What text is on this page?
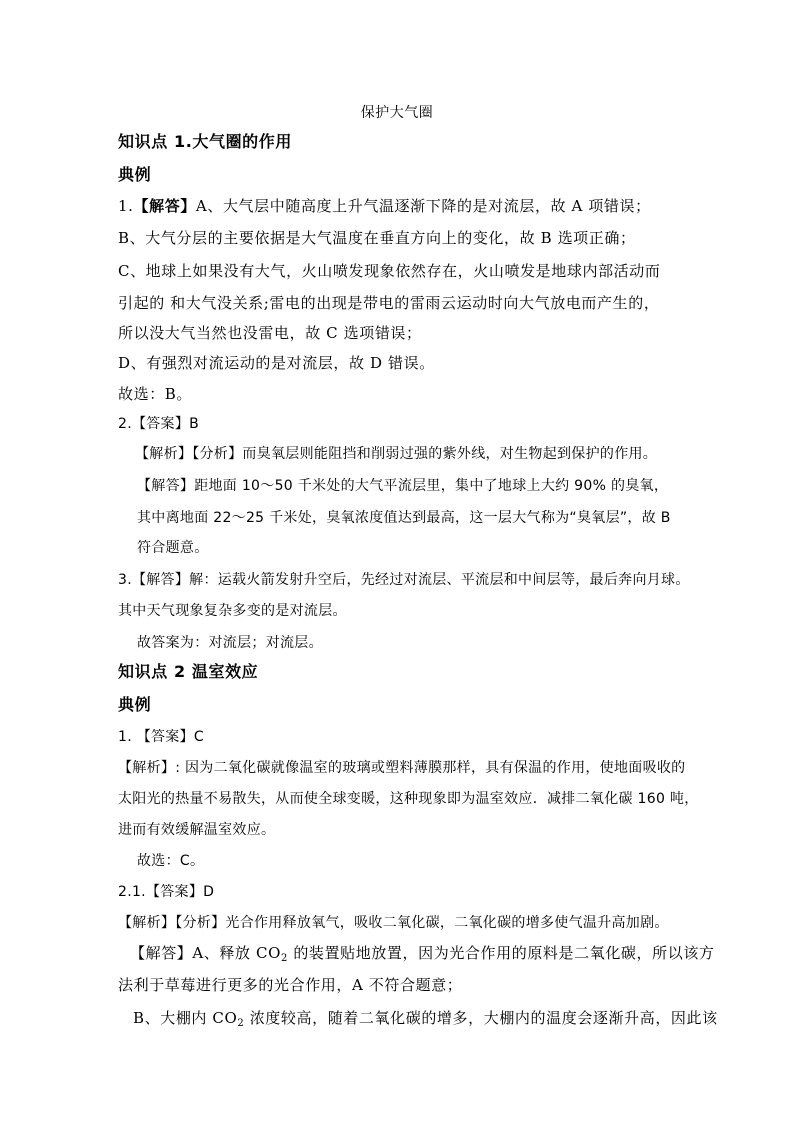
保护大气圈
知识点 1.大气圈的作用
典例
1.【解答】A、大气层中随高度上升气温逐渐下降的是对流层，故 A 项错误；
B、大气分层的主要依据是大气温度在垂直方向上的变化，故 B 选项正确；
C、地球上如果没有大气，火山喷发现象依然存在，火山喷发是地球内部活动而
引起的 和大气没关系;雷电的出现是带电的雷雨云运动时向大气放电而产生的，
所以没大气当然也没雷电，故 C 选项错误；
D、有强烈对流运动的是对流层，故 D 错误。
故选：B。
2.【答案】B
【解析】【分析】而臭氧层则能阻挡和削弱过强的紫外线，对生物起到保护的作用。
【解答】距地面 10～50 千米处的大气平流层里，集中了地球上大约 90% 的臭氧，
其中离地面 22～25 千米处，臭氧浓度值达到最高，这一层大气称为“臭氧层”，故 B
符合题意。
3.【解答】解：运载火箭发射升空后，先经过对流层、平流层和中间层等，最后奔向月球。
其中天气现象复杂多变的是对流层。
故答案为：对流层；对流层。
知识点 2 温室效应
典例
1. 【答案】C
【解析】: 因为二氧化碳就像温室的玻璃或塑料薄膜那样，具有保温的作用，使地面吸收的
太阳光的热量不易散失，从而使全球变暖，这种现象即为温室效应．减排二氧化碳 160 吨，
进而有效缓解温室效应。
故选：C。
2.1.【答案】D
【解析】【分析】光合作用释放氧气，吸收二氧化碳，二氧化碳的增多使气温升高加剧。
【解答】A、释放 $CO_2$ 的装置贴地放置，因为光合作用的原料是二氧化碳，所以该方
法利于草莓进行更多的光合作用，A 不符合题意；
B、大棚内 $CO_2$ 浓度较高，随着二氧化碳的增多，大棚内的温度会逐渐升高，因此该
